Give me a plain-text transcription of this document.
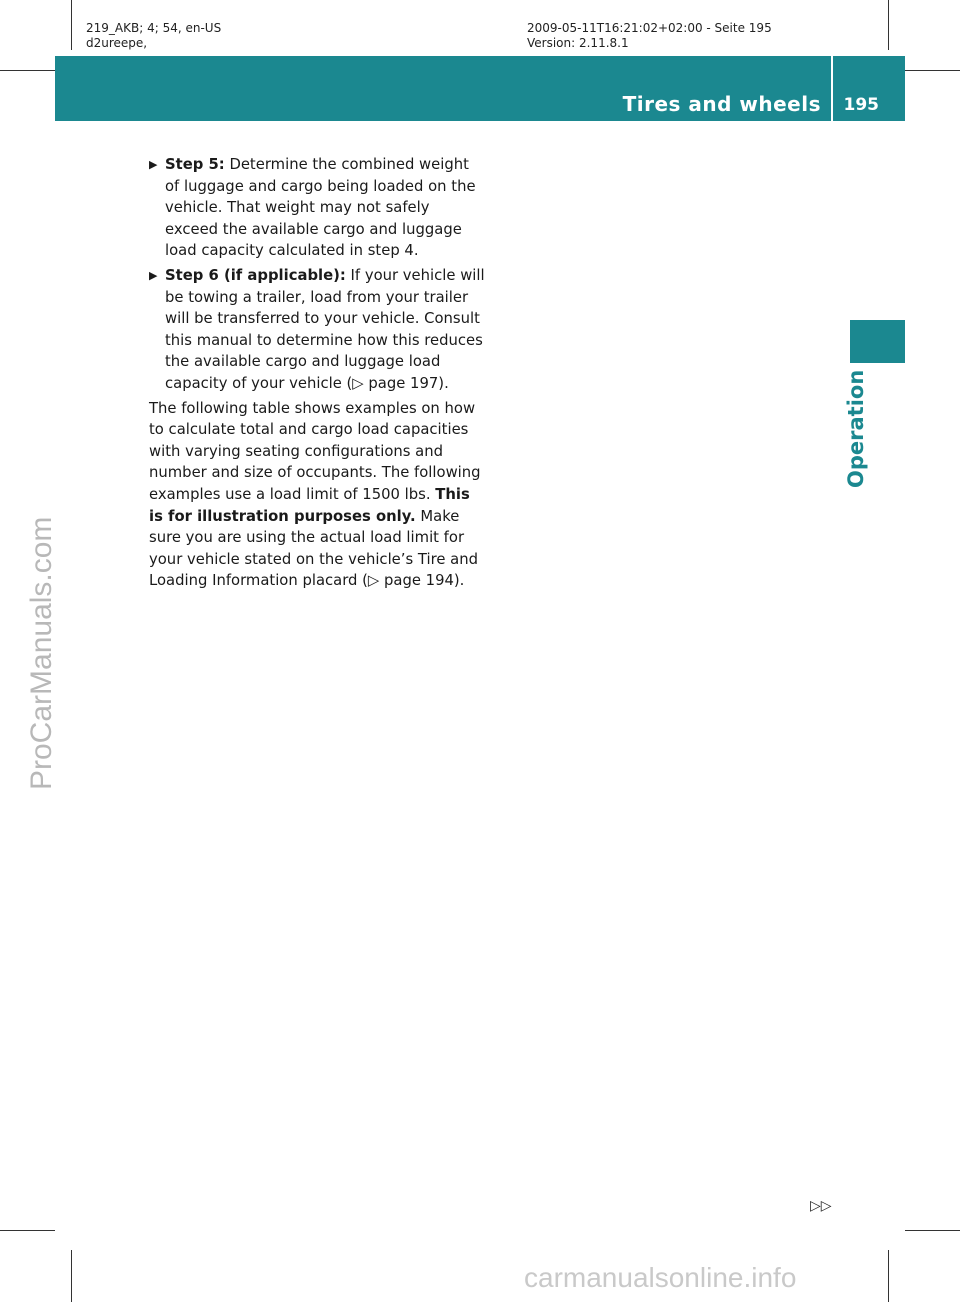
219_AKB; 4; 54, en-US
d2ureepe,
2009-05-11T16:21:02+02:00 - Seite 195
Version: 2.11.8.1
Tires and wheels 195
Operation
ProCarManuals.com
▶ Step 5: Determine the combined weight of luggage and cargo being loaded on the vehicle. That weight may not safely exceed the available cargo and luggage load capacity calculated in step 4.
▶ Step 6 (if applicable): If your vehicle will be towing a trailer, load from your trailer will be transferred to your vehicle. Consult this manual to determine how this reduces the available cargo and luggage load capacity of your vehicle (▷ page 197).
The following table shows examples on how to calculate total and cargo load capacities with varying seating configurations and number and size of occupants. The following examples use a load limit of 1500 lbs. This is for illustration purposes only. Make sure you are using the actual load limit for your vehicle stated on the vehicle’s Tire and Loading Information placard (▷ page 194).
▷▷
carmanualsonline.info
